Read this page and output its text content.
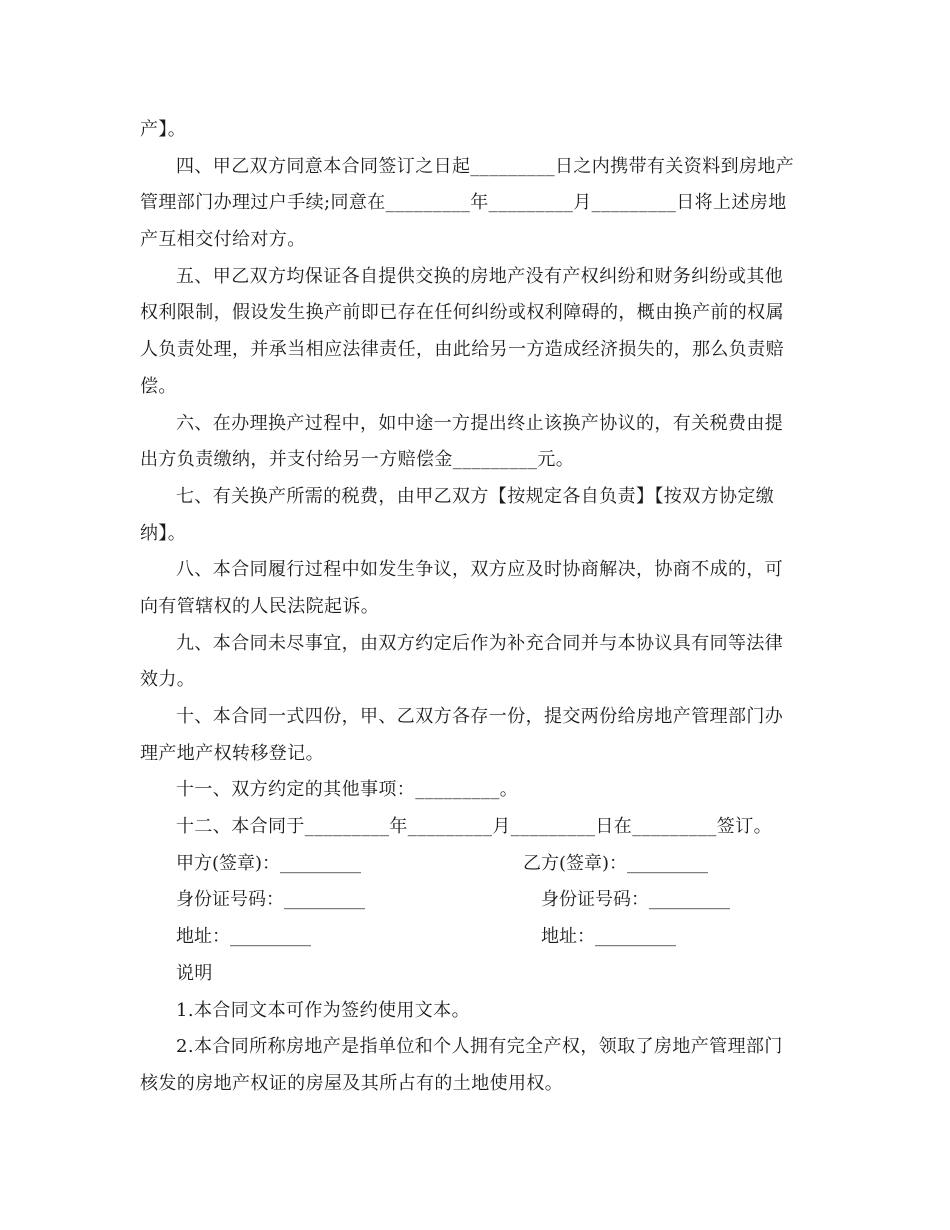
产】。
四、甲乙双方同意本合同签订之日起_________日之内携带有关资料到房地产
管理部门办理过户手续;同意在_________年_________月_________日将上述房地
产互相交付给对方。
五、甲乙双方均保证各自提供交换的房地产没有产权纠纷和财务纠纷或其他
权利限制，假设发生换产前即已存在任何纠纷或权利障碍的，概由换产前的权属
人负责处理，并承当相应法律责任，由此给另一方造成经济损失的，那么负责赔
偿。
六、在办理换产过程中，如中途一方提出终止该换产协议的，有关税费由提
出方负责缴纳，并支付给另一方赔偿金_________元。
七、有关换产所需的税费，由甲乙双方【按规定各自负责】【按双方协定缴
纳】。
八、本合同履行过程中如发生争议，双方应及时协商解决，协商不成的，可
向有管辖权的人民法院起诉。
九、本合同未尽事宜，由双方约定后作为补充合同并与本协议具有同等法律
效力。
十、本合同一式四份，甲、乙双方各存一份，提交两份给房地产管理部门办
理产地产权转移登记。
十一、双方约定的其他事项：_________。
十二、本合同于_________年_________月_________日在_________签订。
甲方(签章)：_________	乙方(签章)：_________
身份证号码：_________	身份证号码：_________
地址：_________	地址：_________
说明
1.本合同文本可作为签约使用文本。
2.本合同所称房地产是指单位和个人拥有完全产权，领取了房地产管理部门
核发的房地产权证的房屋及其所占有的土地使用权。
